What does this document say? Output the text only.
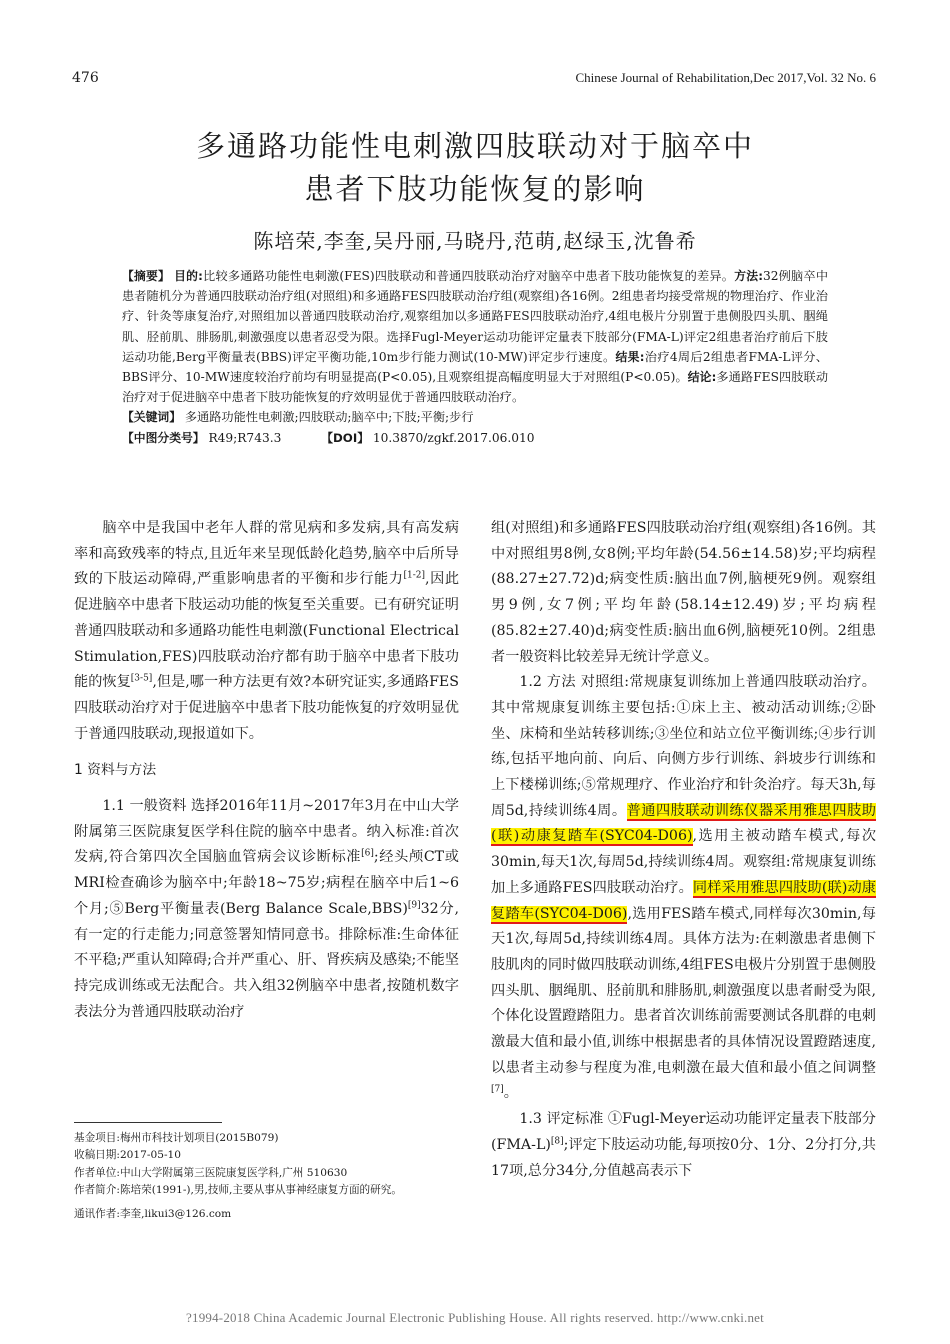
476	Chinese Journal of Rehabilitation,Dec 2017,Vol. 32 No. 6
多通路功能性电刺激四肢联动对于脑卒中
患者下肢功能恢复的影响
陈培荣,李奎,吴丹丽,马晓丹,范萌,赵绿玉,沈鲁希

【摘要】 目的:比较多通路功能性电刺激(FES)四肢联动和普通四肢联动治疗对脑卒中患者下肢功能恢复的差异。方法:32例脑卒中患者随机分为普通四肢联动治疗组(对照组)和多通路FES四肢联动治疗组(观察组)各16例。2组患者均接受常规的物理治疗、作业治疗、针灸等康复治疗,对照组加以普通四肢联动治疗,观察组加以多通路FES四肢联动治疗,4组电极片分别置于患侧股四头肌、胭绳肌、胫前肌、腓肠肌,刺激强度以患者忍受为限。选择Fugl-Meyer运动功能评定量表下肢部分(FMA-L)评定2组患者治疗前后下肢运动功能,Berg平衡量表(BBS)评定平衡功能,10m步行能力测试(10-MW)评定步行速度。结果:治疗4周后2组患者FMA-L评分、BBS评分、10-MW速度较治疗前均有明显提高(P<0.05),且观察组提高幅度明显大于对照组(P<0.05)。结论:多通路FES四肢联动治疗对于促进脑卒中患者下肢功能恢复的疗效明显优于普通四肢联动治疗。

【关键词】 多通路功能性电刺激;四肢联动;脑卒中;下肢;平衡;步行

【中图分类号】 R49;R743.3	【DOI】 10.3870/zgkf.2017.06.010

脑卒中是我国中老年人群的常见病和多发病,具有高发病率和高致残率的特点,且近年来呈现低龄化趋势,脑卒中后所导致的下肢运动障碍,严重影响患者的平衡和步行能力[1-2],因此促进脑卒中患者下肢运动功能的恢复至关重要。已有研究证明普通四肢联动和多通路功能性电刺激(Functional Electrical Stimulation,FES)四肢联动治疗都有助于脑卒中患者下肢功能的恢复[3-5],但是,哪一种方法更有效?本研究证实,多通路FES四肢联动治疗对于促进脑卒中患者下肢功能恢复的疗效明显优于普通四肢联动,现报道如下。

1 资料与方法

1.1 一般资料 选择2016年11月~2017年3月在中山大学附属第三医院康复医学科住院的脑卒中患者。纳入标准:首次发病,符合第四次全国脑血管病会议诊断标准[6];经头颅CT或MRI检查确诊为脑卒中;年龄18~75岁;病程在脑卒中后1~6个月;⑤Berg平衡量表(Berg Balance Scale,BBS)[9]32分,有一定的行走能力;同意签署知情同意书。排除标准:生命体征不平稳;严重认知障碍;合并严重心、肝、肾疾病及感染;不能坚持完成训练或无法配合。共入组32例脑卒中患者,按随机数字表法分为普通四肢联动治疗

组(对照组)和多通路FES四肢联动治疗组(观察组)各16例。其中对照组男8例,女8例;平均年龄(54.56±14.58)岁;平均病程(88.27±27.72)d;病变性质:脑出血7例,脑梗死9例。观察组男9例,女7例;平均年龄(58.14±12.49)岁;平均病程(85.82±27.40)d;病变性质:脑出血6例,脑梗死10例。2组患者一般资料比较差异无统计学意义。

1.2 方法 对照组:常规康复训练加上普通四肢联动治疗。其中常规康复训练主要包括:①床上主、被动活动训练;②卧坐、床椅和坐站转移训练;③坐位和站立位平衡训练;④步行训练,包括平地向前、向后、向侧方步行训练、斜坡步行训练和上下楼梯训练;⑤常规理疗、作业治疗和针灸治疗。每天3h,每周5d,持续训练4周。普通四肢联动训练仪器采用雅思四肢助(联)动康复踏车(SYC04-D06),选用主被动踏车模式,每次30min,每天1次,每周5d,持续训练4周。观察组:常规康复训练加上多通路FES四肢联动治疗。同样采用雅思四肢助(联)动康复踏车(SYC04-D06),选用FES踏车模式,同样每次30min,每天1次,每周5d,持续训练4周。具体方法为:在刺激患者患侧下肢肌肉的同时做四肢联动训练,4组FES电极片分别置于患侧股四头肌、胭绳肌、胫前肌和腓肠肌,刺激强度以患者耐受为限,个体化设置蹬踏阻力。患者首次训练前需要测试各肌群的电刺激最大值和最小值,训练中根据患者的具体情况设置蹬踏速度,以患者主动参与程度为准,电刺激在最大值和最小值之间调整[7]。

1.3 评定标准 ①Fugl-Meyer运动功能评定量表下肢部分(FMA-L)[8];评定下肢运动功能,每项按0分、1分、2分打分,共17项,总分34分,分值越高表示下

基金项目:梅州市科技计划项目(2015B079)
收稿日期:2017-05-10
作者单位:中山大学附属第三医院康复医学科,广州 510630
作者简介:陈培荣(1991-),男,技师,主要从事从事神经康复方面的研究。
通讯作者:李奎,likui3@126.com
?1994-2018 China Academic Journal Electronic Publishing House. All rights reserved. http://www.cnki.net
